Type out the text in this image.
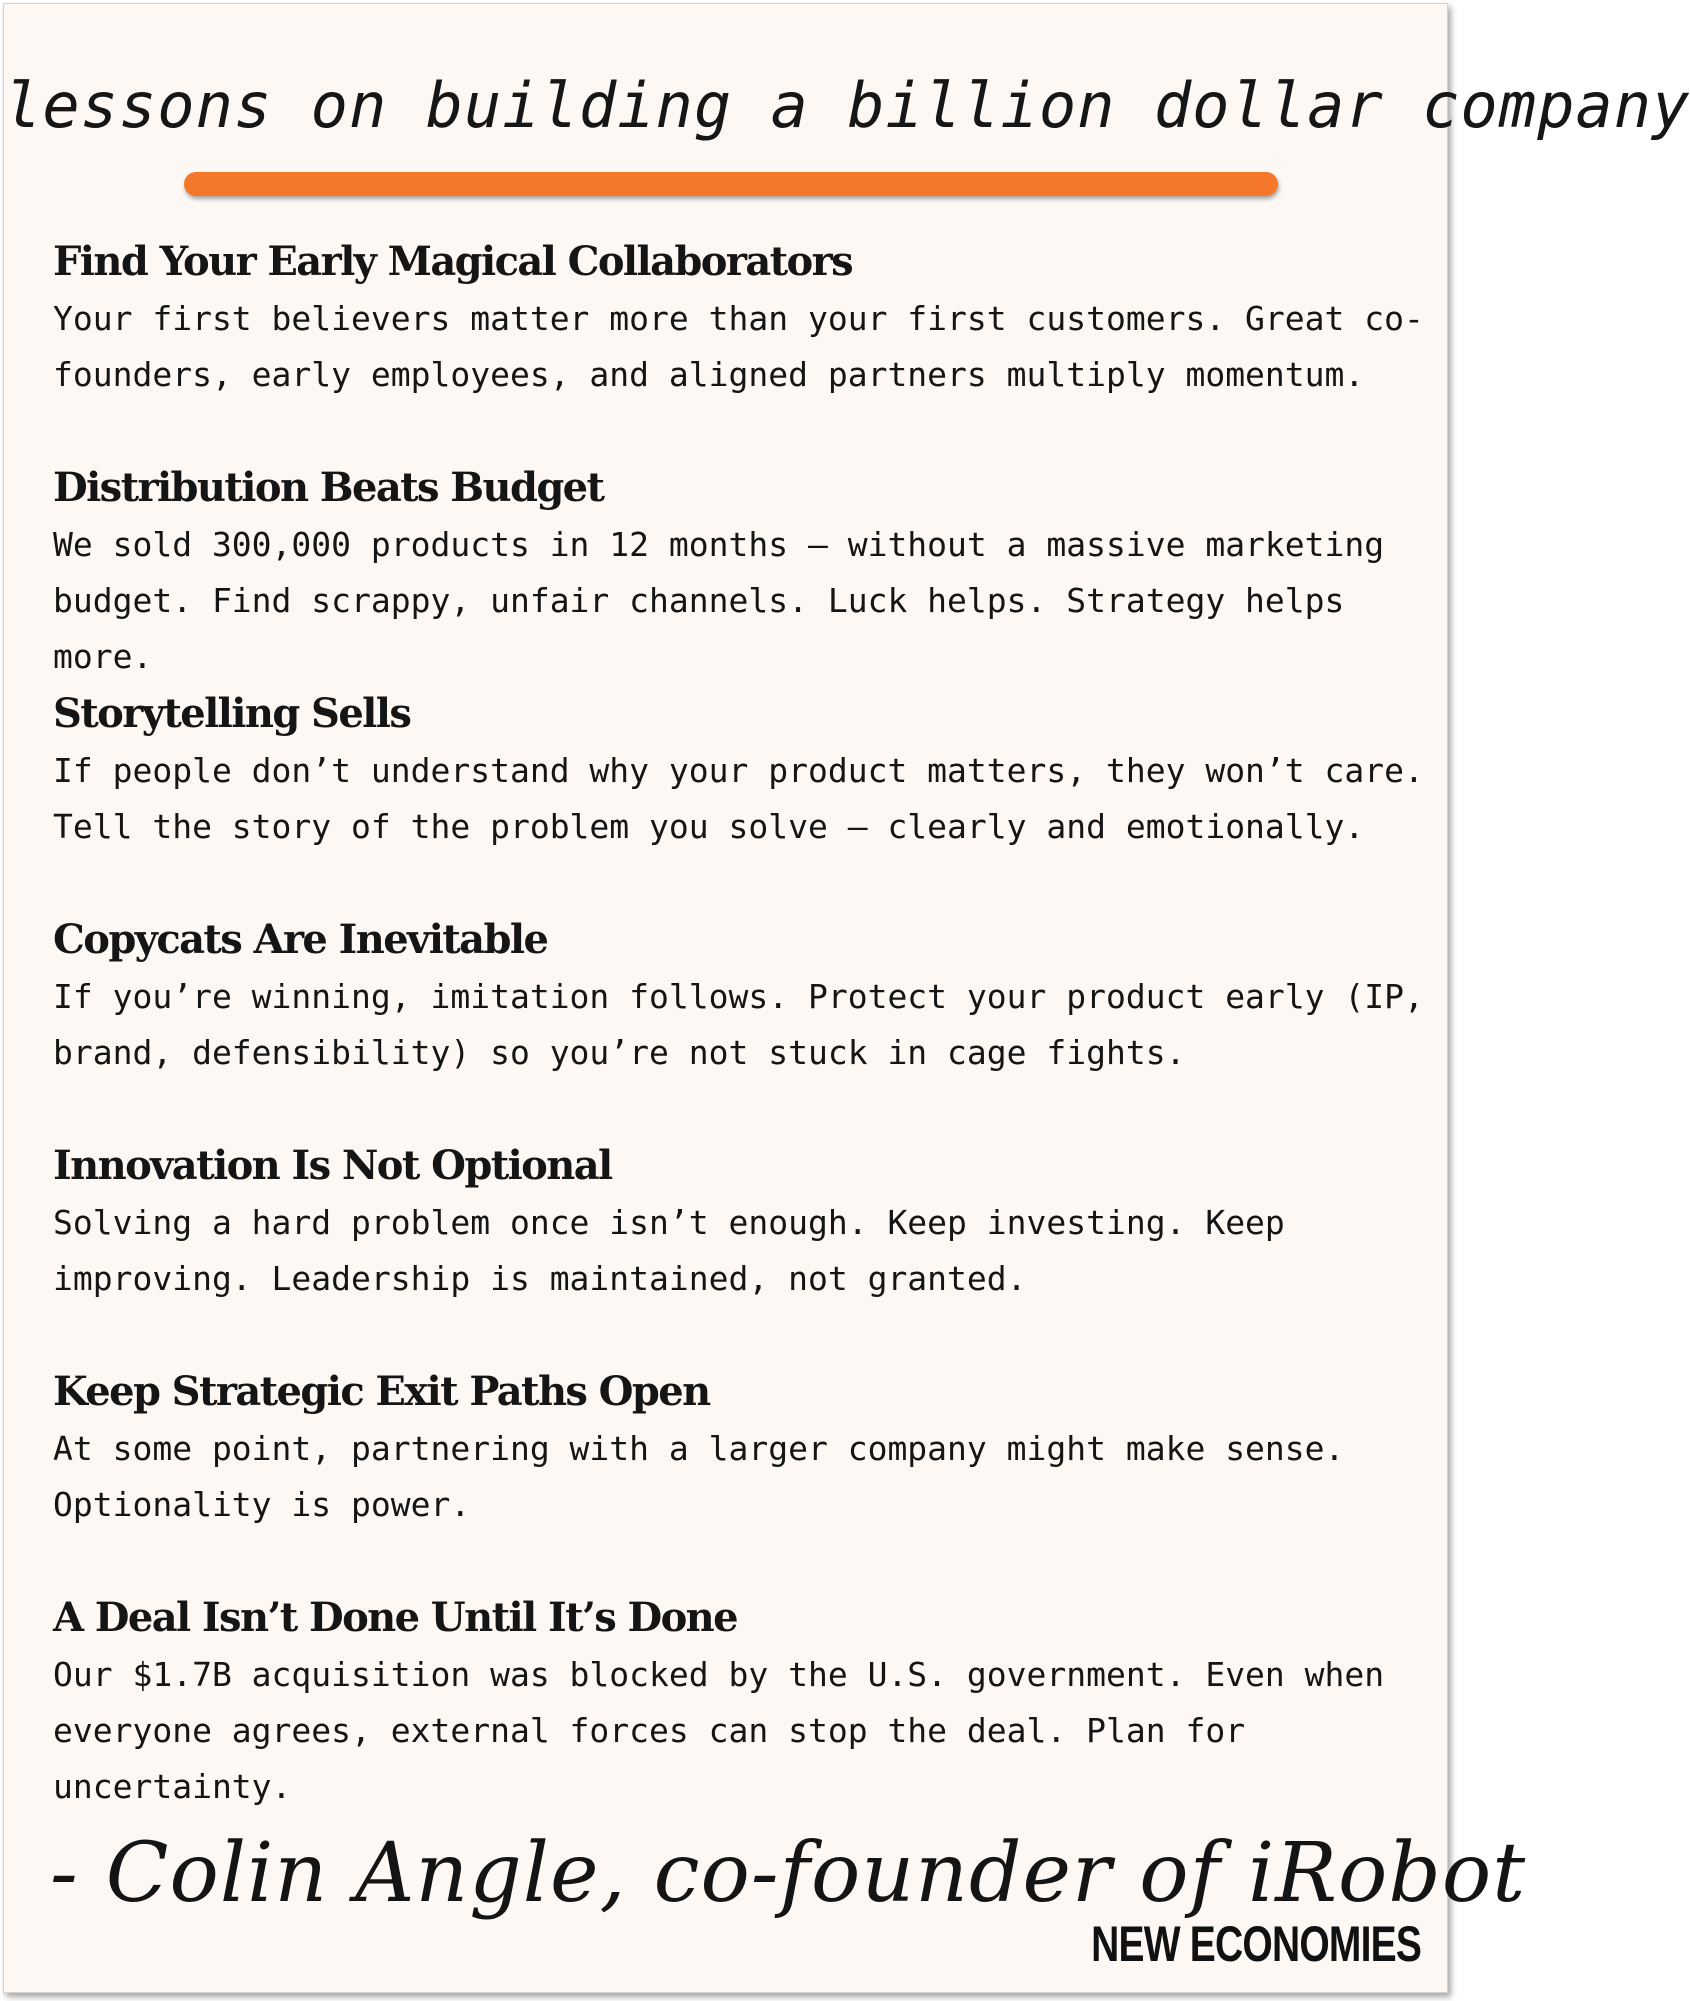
lessons on building a billion dollar company
Find Your Early Magical Collaborators
Your first believers matter more than your first customers. Great co-founders, early employees, and aligned partners multiply momentum.
Distribution Beats Budget
We sold 300,000 products in 12 months – without a massive marketing budget. Find scrappy, unfair channels. Luck helps. Strategy helps more.
Storytelling Sells
If people don’t understand why your product matters, they won’t care. Tell the story of the problem you solve – clearly and emotionally.
Copycats Are Inevitable
If you’re winning, imitation follows. Protect your product early (IP, brand, defensibility) so you’re not stuck in cage fights.
Innovation Is Not Optional
Solving a hard problem once isn’t enough. Keep investing. Keep improving. Leadership is maintained, not granted.
Keep Strategic Exit Paths Open
At some point, partnering with a larger company might make sense. Optionality is power.
A Deal Isn’t Done Until It’s Done
Our $1.7B acquisition was blocked by the U.S. government. Even when everyone agrees, external forces can stop the deal. Plan for uncertainty.
- Colin Angle, co-founder of iRobot
NEW ECONOMIES
